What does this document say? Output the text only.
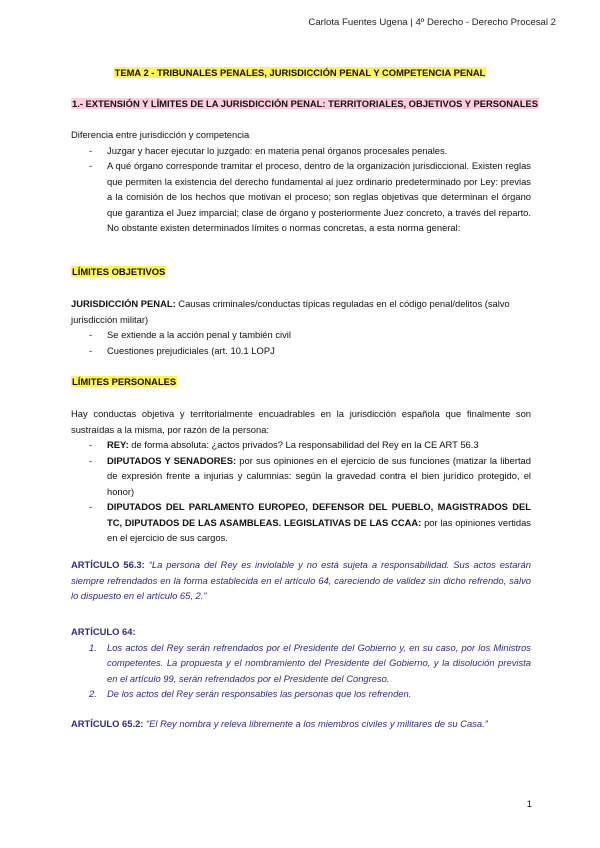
Carlota Fuentes Ugena | 4º Derecho - Derecho Procesal 2
TEMA 2 - TRIBUNALES PENALES, JURISDICCIÓN PENAL Y COMPETENCIA PENAL
1.- EXTENSIÓN Y LÍMITES DE LA JURISDICCIÓN PENAL: TERRITORIALES, OBJETIVOS Y PERSONALES
Diferencia entre jurisdicción y competencia
- Juzgar y hacer ejecutar lo juzgado: en materia penal órganos procesales penales.
- A qué órgano corresponde tramitar el proceso, dentro de la organización jurisdiccional. Existen reglas que permiten la existencia del derecho fundamental al juez ordinario predeterminado por Ley: previas a la comisión de los hechos que motivan el proceso; son reglas objetivas que determinan el órgano que garantiza el Juez imparcial; clase de órgano y posteriormente Juez concreto, a través del reparto. No obstante existen determinados límites o normas concretas, a esta norma general:
LÍMITES OBJETIVOS
JURISDICCIÓN PENAL: Causas criminales/conductas típicas reguladas en el código penal/delitos (salvo jurisdicción militar)
- Se extiende a la acción penal y también civil
- Cuestiones prejudiciales (art. 10.1 LOPJ
LÍMITES PERSONALES
Hay conductas objetiva y territorialmente encuadrables en la jurisdicción española que finalmente son sustraídas a la misma, por razón de la persona:
- REY: de forma absoluta: ¿actos privados? La responsabilidad del Rey en la CE ART 56.3
- DIPUTADOS Y SENADORES: por sus opiniones en el ejercicio de sus funciones (matizar la libertad de expresión frente a injurias y calumnias: según la gravedad contra el bien jurídico protegido, el honor)
- DIPUTADOS DEL PARLAMENTO EUROPEO, DEFENSOR DEL PUEBLO, MAGISTRADOS DEL TC, DIPUTADOS DE LAS ASAMBLEAS. LEGISLATIVAS DE LAS CCAA: por las opiniones vertidas en el ejercicio de sus cargos.
ARTÍCULO 56.3: “La persona del Rey es inviolable y no está sujeta a responsabilidad. Sus actos estarán siempre refrendados en la forma establecida en el artículo 64, careciendo de validez sin dicho refrendo, salvo lo dispuesto en el artículo 65, 2.”
ARTÍCULO 64:
1. Los actos del Rey serán refrendados por el Presidente del Gobierno y, en su caso, por los Ministros competentes. La propuesta y el nombramiento del Presidente del Gobierno, y la disolución prevista en el artículo 99, serán refrendados por el Presidente del Congreso.
2. De los actos del Rey serán responsables las personas que los refrenden.
ARTÍCULO 65.2: “El Rey nombra y releva libremente a los miembros civiles y militares de su Casa.”
1
